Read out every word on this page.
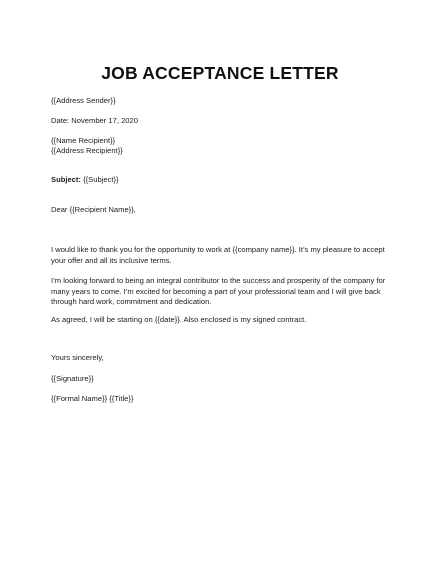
JOB ACCEPTANCE LETTER
{{Address Sender}}
Date: November 17, 2020
{{Name Recipient}}
{{Address Recipient}}
Subject: {{Subject}}
Dear {{Recipient Name}},
I would like to thank you for the opportunity to work at {{company name}}. It’s my pleasure to accept your offer and all its inclusive terms.
I’m looking forward to being an integral contributor to the success and prosperity of the company for many years to come. I’m excited for becoming a part of your professional team and I will give back through hard work, commitment and dedication.
As agreed, I will be starting on {{date}}. Also enclosed is my signed contract.
Yours sincerely,
{{Signature}}
{{Formal Name}} {{Title}}
